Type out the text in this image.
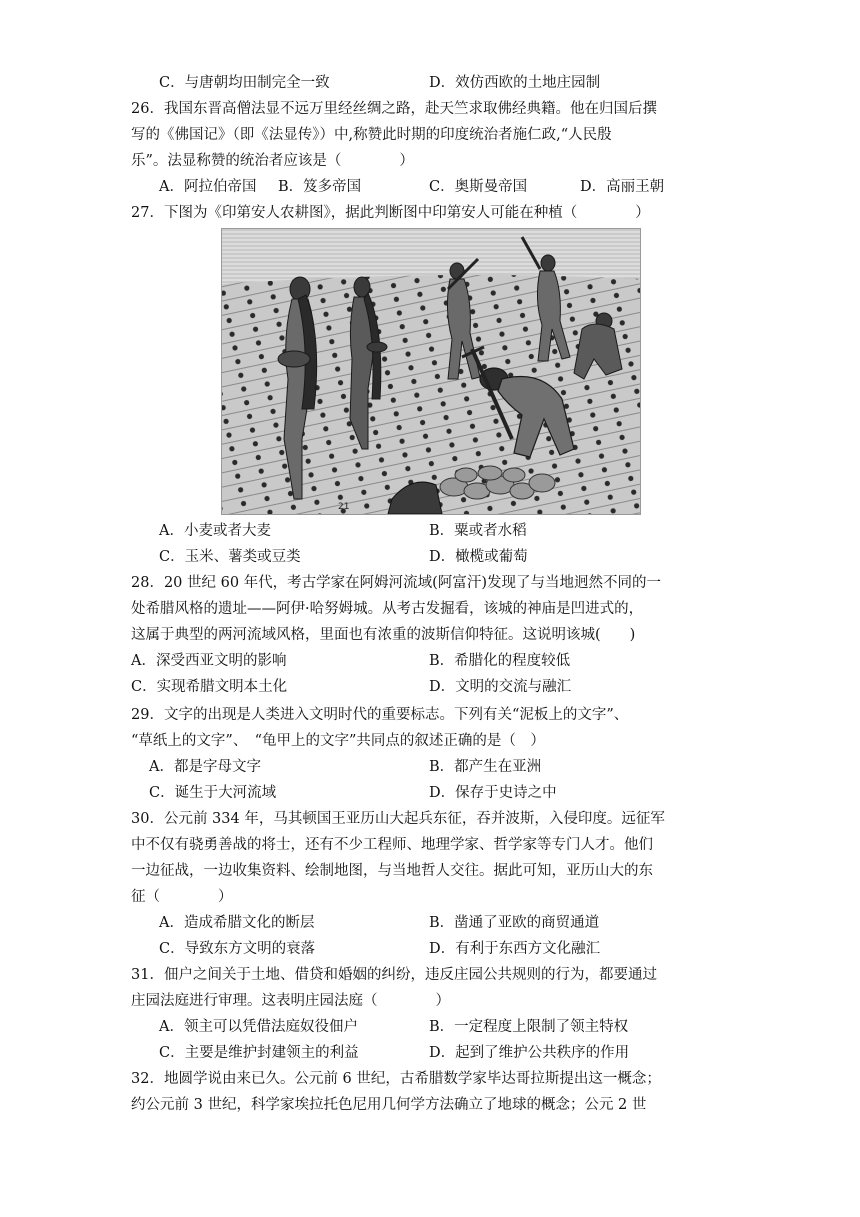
C．与唐朝均田制完全一致	D．效仿西欧的土地庄园制
26．我国东晋高僧法显不远万里经丝绸之路，赴天竺求取佛经典籍。他在归国后撰
写的《佛国记》（即《法显传》）中,称赞此时期的印度统治者施仁政,“人民殷
乐”。法显称赞的统治者应该是（　　　　）
A．阿拉伯帝国 B．笈多帝国	C．奥斯曼帝国	D．高丽王朝
27．下图为《印第安人农耕图》，据此判断图中印第安人可能在种植（　　　　）
21
A．小麦或者大麦	B．粟或者水稻
C．玉米、薯类或豆类	D．橄榄或葡萄
28．20 世纪 60 年代，考古学家在阿姆河流域(阿富汗)发现了与当地迥然不同的一
处希腊风格的遗址——阿伊·哈努姆城。从考古发掘看，该城的神庙是凹进式的，
这属于典型的两河流域风格，里面也有浓重的波斯信仰特征。这说明该城(　　)
A．深受西亚文明的影响	B．希腊化的程度较低
C．实现希腊文明本土化	D．文明的交流与融汇
29．文字的出现是人类进入文明时代的重要标志。下列有关“泥板上的文字”、
“草纸上的文字”、　“龟甲上的文字”共同点的叙述正确的是（　）
A．都是字母文字	B．都产生在亚洲
C．诞生于大河流域	D．保存于史诗之中
30．公元前 334 年，马其顿国王亚历山大起兵东征，吞并波斯，入侵印度。远征军
中不仅有骁勇善战的将士，还有不少工程师、地理学家、哲学家等专门人才。他们
一边征战，一边收集资料、绘制地图，与当地哲人交往。据此可知，亚历山大的东
征（　　　　）
A．造成希腊文化的断层	B．凿通了亚欧的商贸通道
C．导致东方文明的衰落	D．有利于东西方文化融汇
31．佃户之间关于土地、借贷和婚姻的纠纷，违反庄园公共规则的行为，都要通过
庄园法庭进行审理。这表明庄园法庭（　　　　）
A．领主可以凭借法庭奴役佃户	B．一定程度上限制了领主特权
C．主要是维护封建领主的利益	D．起到了维护公共秩序的作用
32．地圆学说由来已久。公元前 6 世纪，古希腊数学家毕达哥拉斯提出这一概念；
约公元前 3 世纪，科学家埃拉托色尼用几何学方法确立了地球的概念；公元 2 世
